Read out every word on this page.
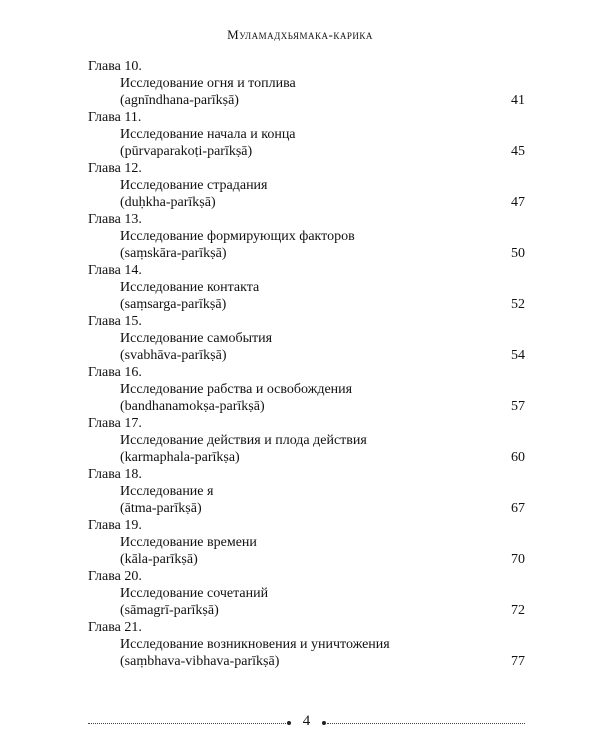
Муламадхьямака-карика
Глава 10.
Исследование огня и топлива
(agnīndhana-parīkṣā)	41
Глава 11.
Исследование начала и конца
(pūrvaparakoṭi-parīkṣā)	45
Глава 12.
Исследование страдания
(duḥkha-parīkṣā)	47
Глава 13.
Исследование формирующих факторов
(saṃskāra-parīkṣā)	50
Глава 14.
Исследование контакта
(saṃsarga-parīkṣā)	52
Глава 15.
Исследование самобытия
(svabhāva-parīkṣā)	54
Глава 16.
Исследование рабства и освобождения
(bandhanamokṣa-parīkṣā)	57
Глава 17.
Исследование действия и плода действия
(karmaphala-parīkṣa)	60
Глава 18.
Исследование я
(ātma-parīkṣā)	67
Глава 19.
Исследование времени
(kāla-parīkṣā)	70
Глава 20.
Исследование сочетаний
(sāmagrī-parīkṣā)	72
Глава 21.
Исследование возникновения и уничтожения
(saṃbhava-vibhava-parīkṣā)	77
4
